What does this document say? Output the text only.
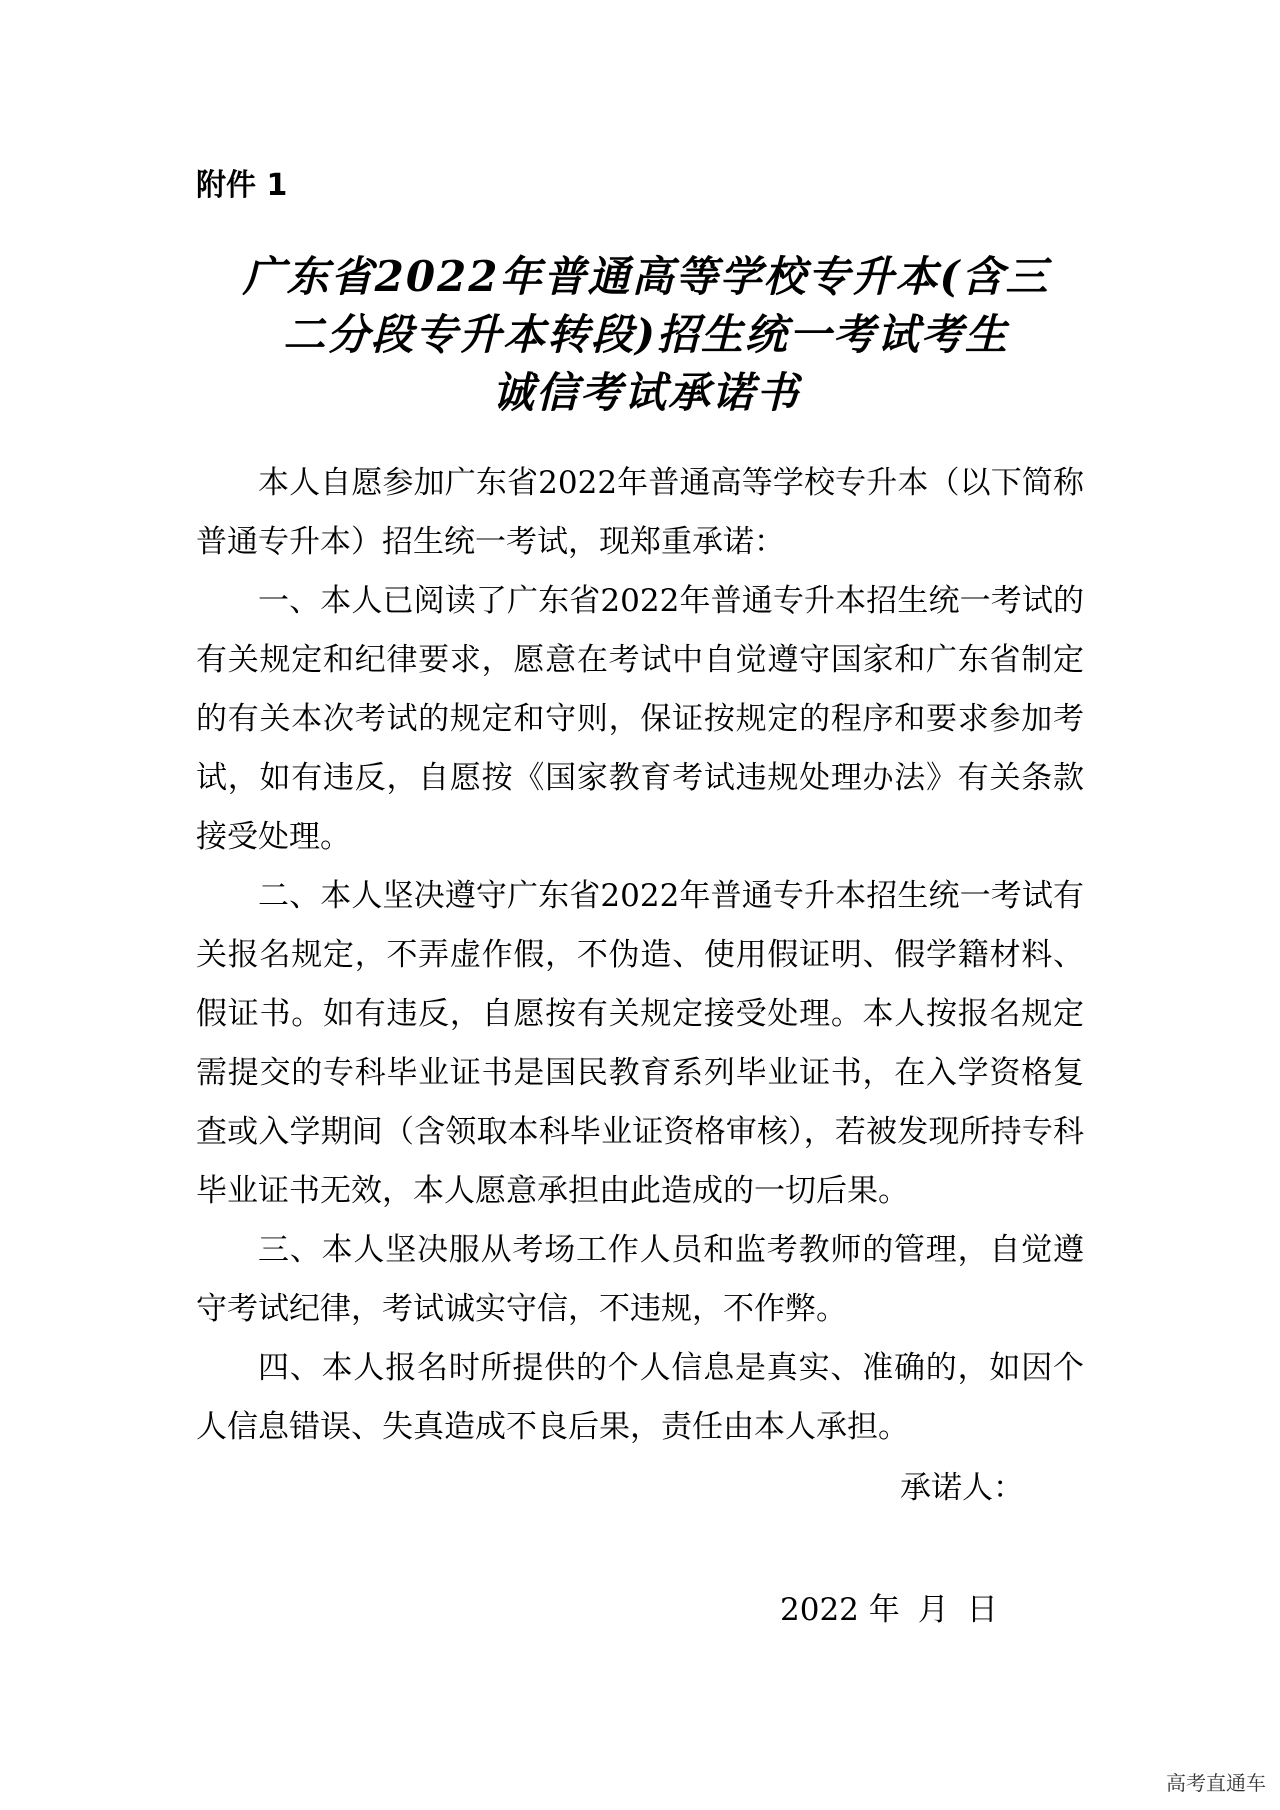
附件 1
广东省2022年普通高等学校专升本(含三
二分段专升本转段)招生统一考试考生
诚信考试承诺书

本人自愿参加广东省2022年普通高等学校专升本（以下简称普通专升本）招生统一考试，现郑重承诺：

一、本人已阅读了广东省2022年普通专升本招生统一考试的有关规定和纪律要求，愿意在考试中自觉遵守国家和广东省制定的有关本次考试的规定和守则，保证按规定的程序和要求参加考试，如有违反，自愿按《国家教育考试违规处理办法》有关条款接受处理。

二、本人坚决遵守广东省2022年普通专升本招生统一考试有关报名规定，不弄虚作假，不伪造、使用假证明、假学籍材料、假证书。如有违反，自愿按有关规定接受处理。本人按报名规定需提交的专科毕业证书是国民教育系列毕业证书，在入学资格复查或入学期间（含领取本科毕业证资格审核），若被发现所持专科毕业证书无效，本人愿意承担由此造成的一切后果。

三、本人坚决服从考场工作人员和监考教师的管理，自觉遵守考试纪律，考试诚实守信，不违规，不作弊。

四、本人报名时所提供的个人信息是真实、准确的，如因个人信息错误、失真造成不良后果，责任由本人承担。

承诺人：
2022 年 月 日
高考直通车
